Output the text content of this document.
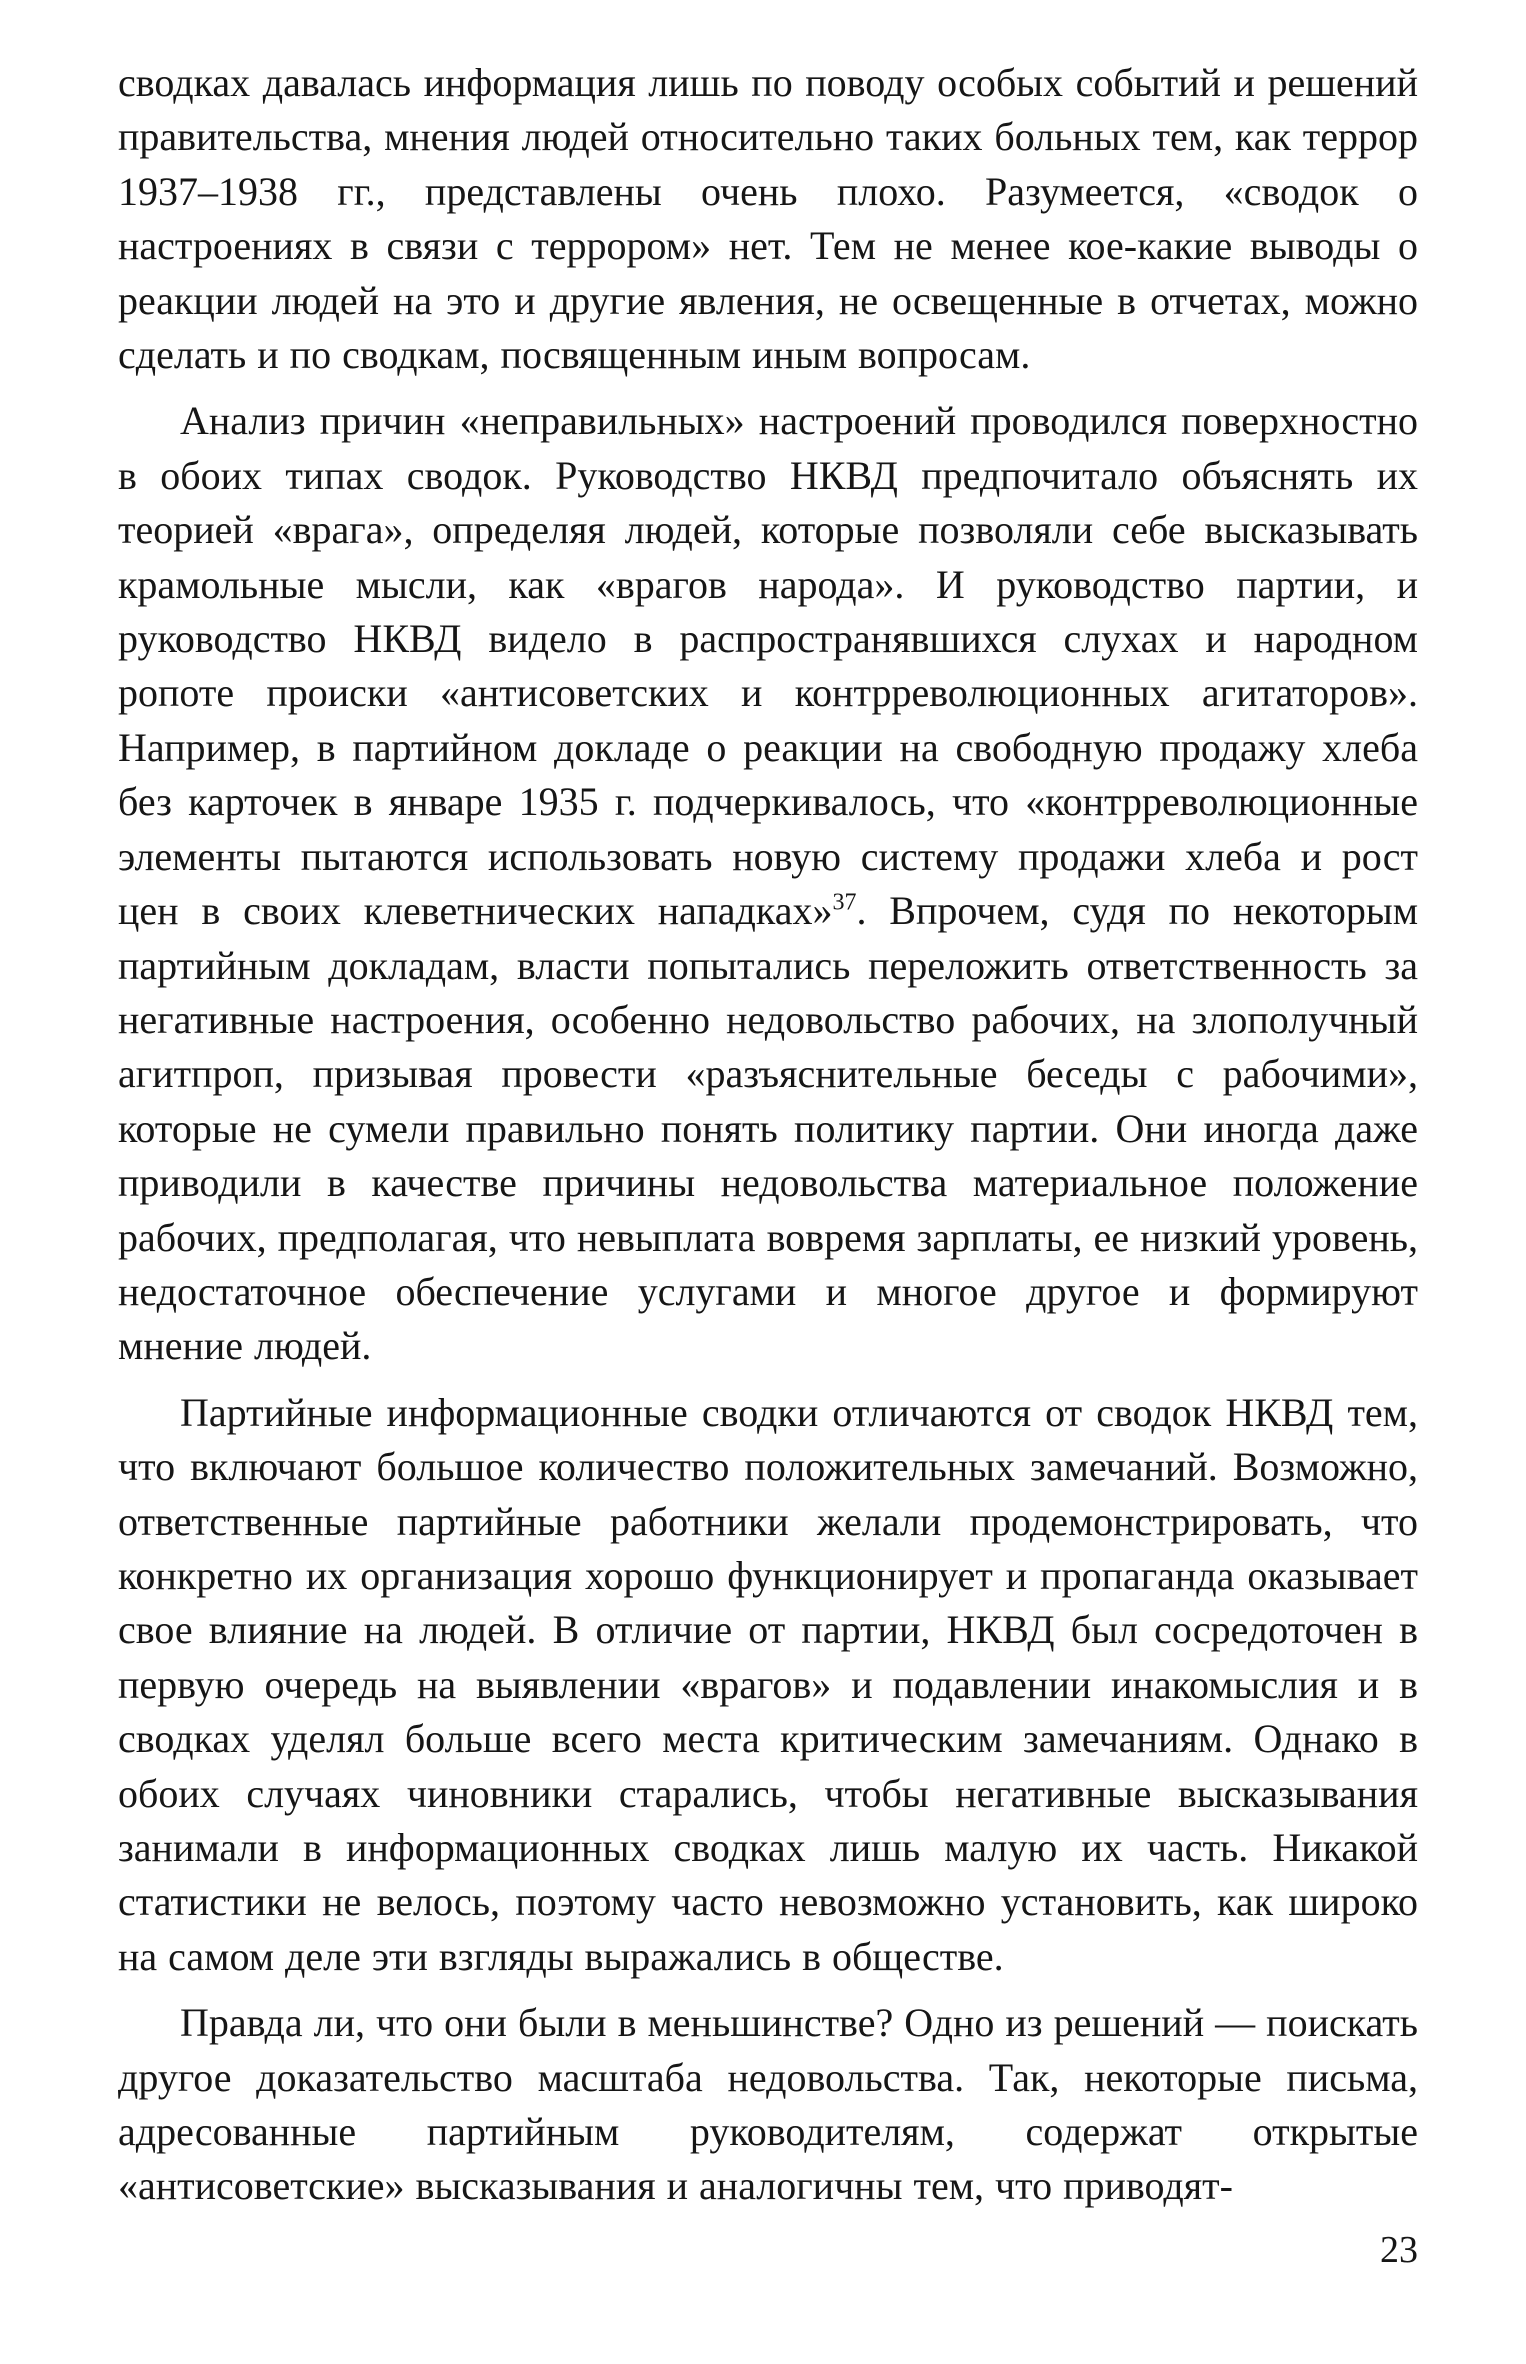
сводках давалась информация лишь по поводу особых событий и решений правительства, мнения людей относительно таких больных тем, как террор 1937–1938 гг., представлены очень плохо. Разумеется, «сводок о настроениях в связи с террором» нет. Тем не менее кое-какие выводы о реакции людей на это и другие явления, не освещенные в отчетах, можно сделать и по сводкам, посвященным иным вопросам.

Анализ причин «неправильных» настроений проводился поверхностно в обоих типах сводок. Руководство НКВД предпочитало объяснять их теорией «врага», определяя людей, которые позволяли себе высказывать крамольные мысли, как «врагов народа». И руководство партии, и руководство НКВД видело в распространявшихся слухах и народном ропоте происки «антисоветских и контрреволюционных агитаторов». Например, в партийном докладе о реакции на свободную продажу хлеба без карточек в январе 1935 г. подчеркивалось, что «контрреволюционные элементы пытаются использовать новую систему продажи хлеба и рост цен в своих клеветнических нападках»$^{37}$. Впрочем, судя по некоторым партийным докладам, власти попытались переложить ответственность за негативные настроения, особенно недовольство рабочих, на злополучный агитпроп, призывая провести «разъяснительные беседы с рабочими», которые не сумели правильно понять политику партии. Они иногда даже приводили в качестве причины недовольства материальное положение рабочих, предполагая, что невыплата вовремя зарплаты, ее низкий уровень, недостаточное обеспечение услугами и многое другое и формируют мнение людей.

Партийные информационные сводки отличаются от сводок НКВД тем, что включают большое количество положительных замечаний. Возможно, ответственные партийные работники желали продемонстрировать, что конкретно их организация хорошо функционирует и пропаганда оказывает свое влияние на людей. В отличие от партии, НКВД был сосредоточен в первую очередь на выявлении «врагов» и подавлении инакомыслия и в сводках уделял больше всего места критическим замечаниям. Однако в обоих случаях чиновники старались, чтобы негативные высказывания занимали в информационных сводках лишь малую их часть. Никакой статистики не велось, поэтому часто невозможно установить, как широко на самом деле эти взгляды выражались в обществе.

Правда ли, что они были в меньшинстве? Одно из решений — поискать другое доказательство масштаба недовольства. Так, некоторые письма, адресованные партийным руководителям, содержат открытые «антисоветские» высказывания и аналогичны тем, что приводят-

23
